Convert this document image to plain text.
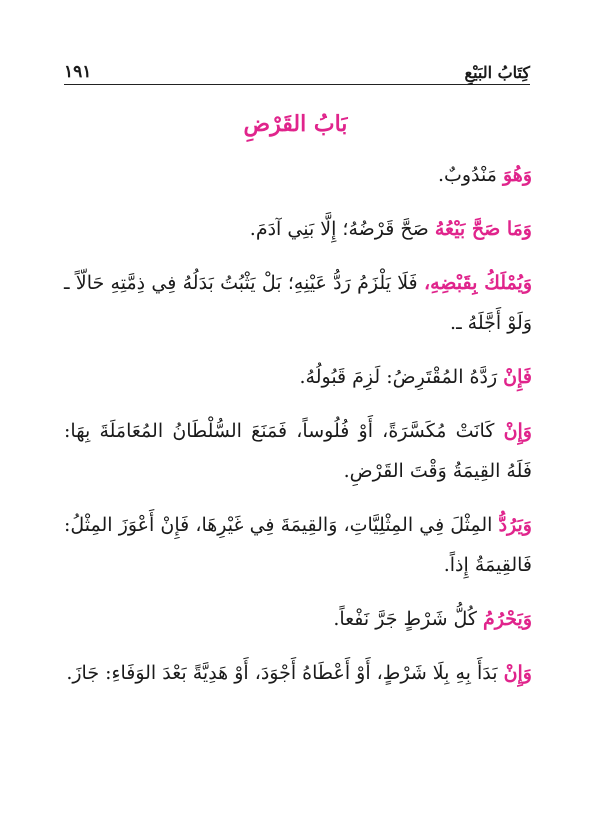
كِتَابُ البَيْعِ
١٩١
بَابُ القَرْضِ

وَهُوَ مَنْدُوبٌ.

وَمَا صَحَّ بَيْعُهُ صَحَّ قَرْضُهُ؛ إِلَّا بَنِي آدَمَ.

وَيُمْلَكُ بِقَبْضِهِ، فَلَا يَلْزَمُ رَدُّ عَيْنِهِ؛ بَلْ يَثْبُتُ بَدَلُهُ فِي ذِمَّتِهِ حَالّاً ـ وَلَوْ أَجَّلَهُ ـ.

فَإِنْ رَدَّهُ المُقْتَرِضُ: لَزِمَ قَبُولُهُ.

وَإِنْ كَانَتْ مُكَسَّرَةً، أَوْ فُلُوساً، فَمَنَعَ السُّلْطَانُ المُعَامَلَةَ بِهَا: فَلَهُ القِيمَةُ وَقْتَ القَرْضِ.

وَيَرُدُّ المِثْلَ فِي المِثْلِيَّاتِ، وَالقِيمَةَ فِي غَيْرِهَا، فَإِنْ أَعْوَزَ المِثْلُ: فَالقِيمَةُ إِذاً.

وَيَحْرُمُ كُلُّ شَرْطٍ جَرَّ نَفْعاً.

وَإِنْ بَدَأَ بِهِ بِلَا شَرْطٍ، أَوْ أَعْطَاهُ أَجْوَدَ، أَوْ هَدِيَّةً بَعْدَ الوَفَاءِ: جَازَ.
